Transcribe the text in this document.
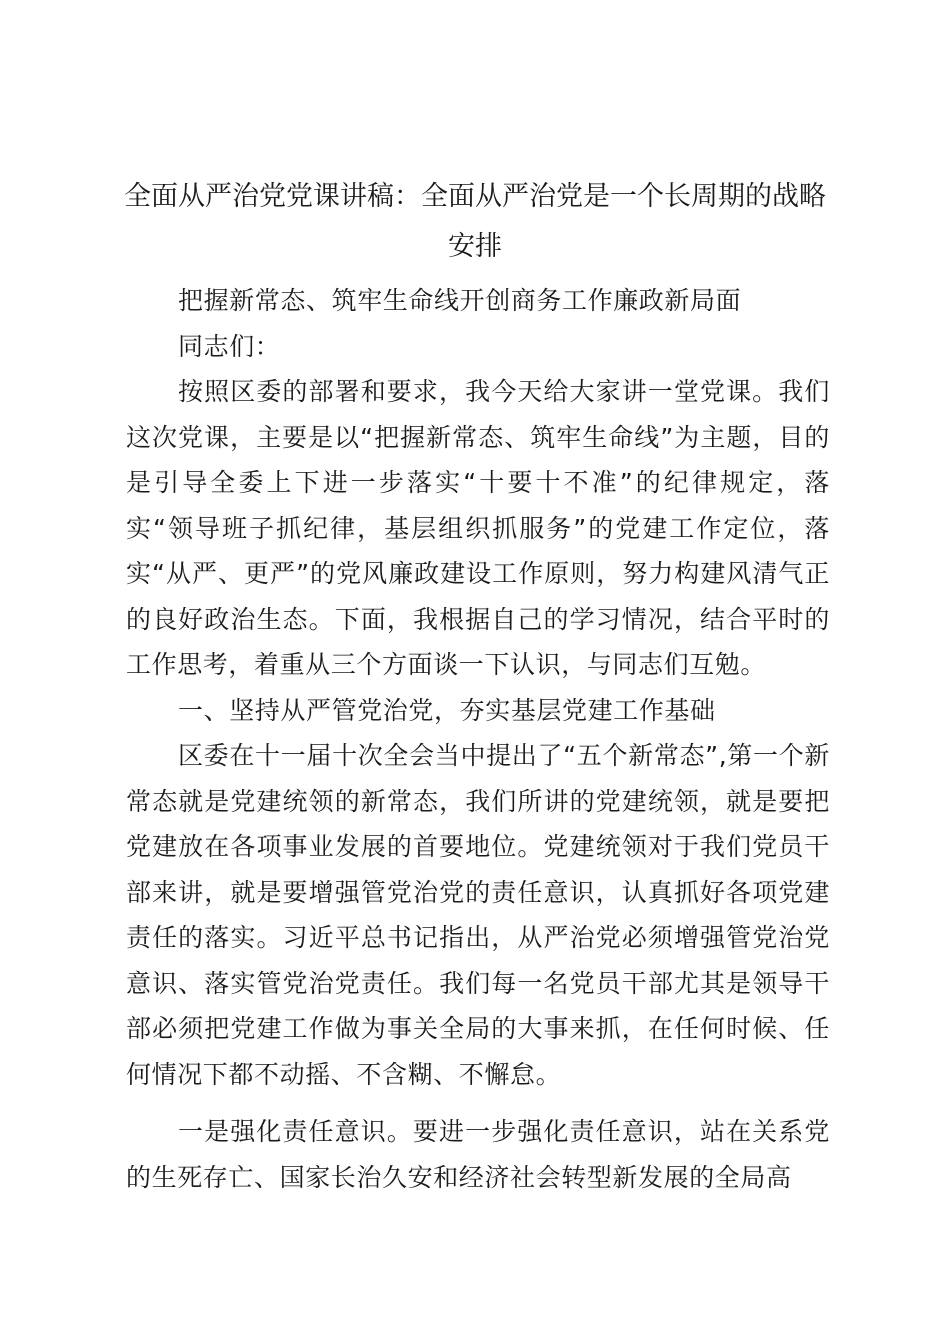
全面从严治党党课讲稿：全面从严治党是一个长周期的战略安排

把握新常态、筑牢生命线开创商务工作廉政新局面

同志们：

按照区委的部署和要求，我今天给大家讲一堂党课。我们这次党课，主要是以“把握新常态、筑牢生命线”为主题，目的是引导全委上下进一步落实“十要十不准”的纪律规定，落实“领导班子抓纪律，基层组织抓服务”的党建工作定位，落实“从严、更严”的党风廉政建设工作原则，努力构建风清气正的良好政治生态。下面，我根据自己的学习情况，结合平时的工作思考，着重从三个方面谈一下认识，与同志们互勉。

一、坚持从严管党治党，夯实基层党建工作基础

区委在十一届十次全会当中提出了“五个新常态”,第一个新常态就是党建统领的新常态，我们所讲的党建统领，就是要把党建放在各项事业发展的首要地位。党建统领对于我们党员干部来讲，就是要增强管党治党的责任意识，认真抓好各项党建责任的落实。习近平总书记指出，从严治党必须增强管党治党意识、落实管党治党责任。我们每一名党员干部尤其是领导干部必须把党建工作做为事关全局的大事来抓，在任何时候、任何情况下都不动摇、不含糊、不懈怠。

一是强化责任意识。要进一步强化责任意识，站在关系党的生死存亡、国家长治久安和经济社会转型新发展的全局高
